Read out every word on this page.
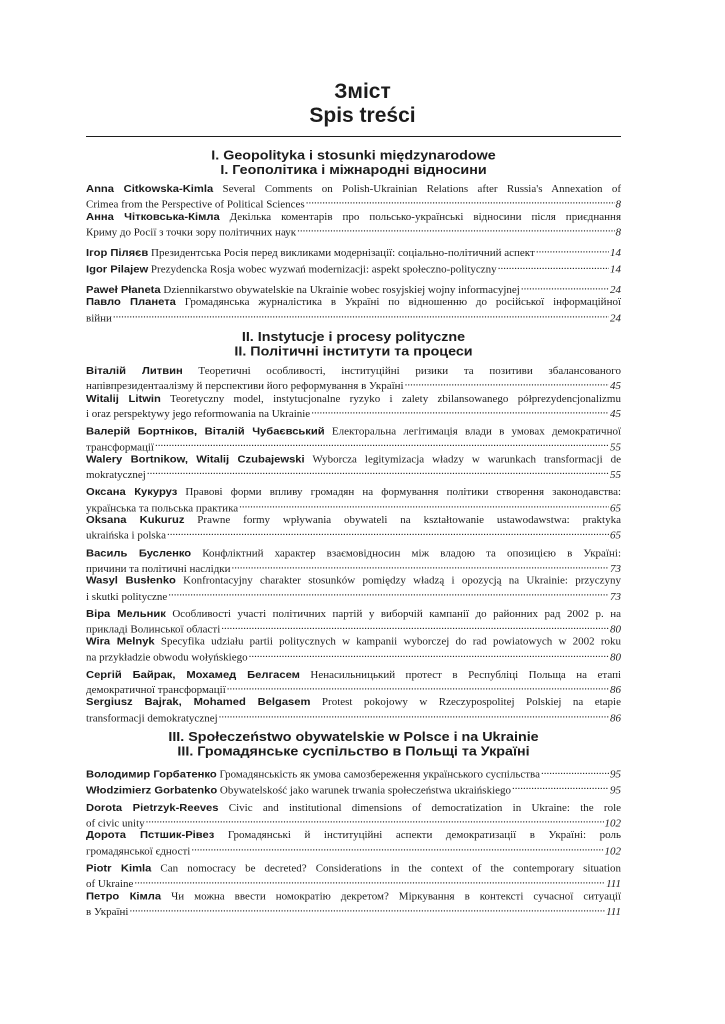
Зміст
Spis treści
I. Geopolityka i stosunki międzynarodowe
I. Геополітика і міжнародні відносини
Anna Citkowska-Kimla Several Comments on Polish-Ukrainian Relations after Russia's Annexation of
Crimea from the Perspective of Political Sciences .....	8
Анна Чітковська-Кімла Декілька коментарів про польсько-українські відносини після приєднання
Криму до Росії з точки зору політичних наук .....	8
Ігор Піляєв
Президентська Росія перед викликами модернізації: соціально-політичний аспект .....	14
Igor Pilajew
Prezydencka Rosja wobec wyzwań modernizacji: aspekt społeczno-polityczny .....	14
Paweł Płaneta
Dziennikarstwo obywatelskie na Ukrainie wobec rosyjskiej wojny informacyjnej .....	24
Павло Планета Громадянська журналістика в Україні по відношенню до російської інформаційної
війни .....	24
II. Instytucje i procesy polityczne
II. Політичні інститути та процеси
Віталій Литвин Теоретичні особливості, інституційні ризики та позитиви збалансованого
напівпрезидентаалізму й перспективи його реформування в Україні .....	45
Witalij Litwin Teoretyczny model, instytucjonalne ryzyko i zalety zbilansowanego półprezydencjonalizmu
i oraz perspektywy jego reformowania na Ukrainie .....	45
Валерій Бортніков, Віталій Чубаєвський Електоральна легітимація влади в умовах демократичної
трансформації .....	55
Walery Bortnikow, Witalij Czubajewski Wyborcza legitymizacja władzy w warunkach transformacji de
mokratycznej .....	55
Оксана Кукуруз Правові форми впливу громадян на формування політики створення законодавства:
українська та польська практика .....	65
Oksana Kukuruz Prawne formy wpływania obywateli na kształtowanie ustawodawstwa: praktyka
ukraińska i polska .....	65
Василь Бусленко Конфліктний характер взаємовідносин між владою та опозицією в Україні:
причини та політичні наслідки .....	73
Wasyl Busłenko Konfrontacyjny charakter stosunków pomiędzy władzą i opozycją na Ukrainie: przyczyny
i skutki polityczne .....	73
Віра Мельник Особливості участі політичних партій у виборчій кампанії до районних рад 2002 р. на
прикладі Волинської області .....	80
Wira Melnyk Specyfika udziału partii politycznych w kampanii wyborczej do rad powiatowych w 2002 roku
na przykładzie obwodu wołyńskiego .....	80
Сергій Байрак, Мохамед Белгасем Ненасильницький протест в Республіці Польща на етапі
демократичної трансформації .....	86
Sergiusz Bajrak, Mohamed Belgasem Protest pokojowy w Rzeczypospolitej Polskiej na etapie
transformacji demokratycznej .....	86
III. Społeczeństwo obywatelskie w Polsce i na Ukrainie
III. Громадянське суспільство в Польщі та Україні
Володимир Горбатенко
Громадянськість як умова самозбереження українського суспільства .....	95
Włodzimierz Gorbatenko
Obywatelskość jako warunek trwania społeczeństwa ukraińskiego .....	95
Dorota Pietrzyk-Reeves Civic and institutional dimensions of democratization in Ukraine: the role
of civic unity .....	102
Дорота Пстшик-Рівез Громадянські й інституційні аспекти демократизації в Україні: роль
громадянської єдності .....	102
Piotr Kimla Can nomocracy be decreted? Considerations in the context of the contemporary situation
of Ukraine .....	111
Петро Кімла Чи можна ввести номократію декретом? Міркування в контексті сучасної ситуації
в Україні .....	111
